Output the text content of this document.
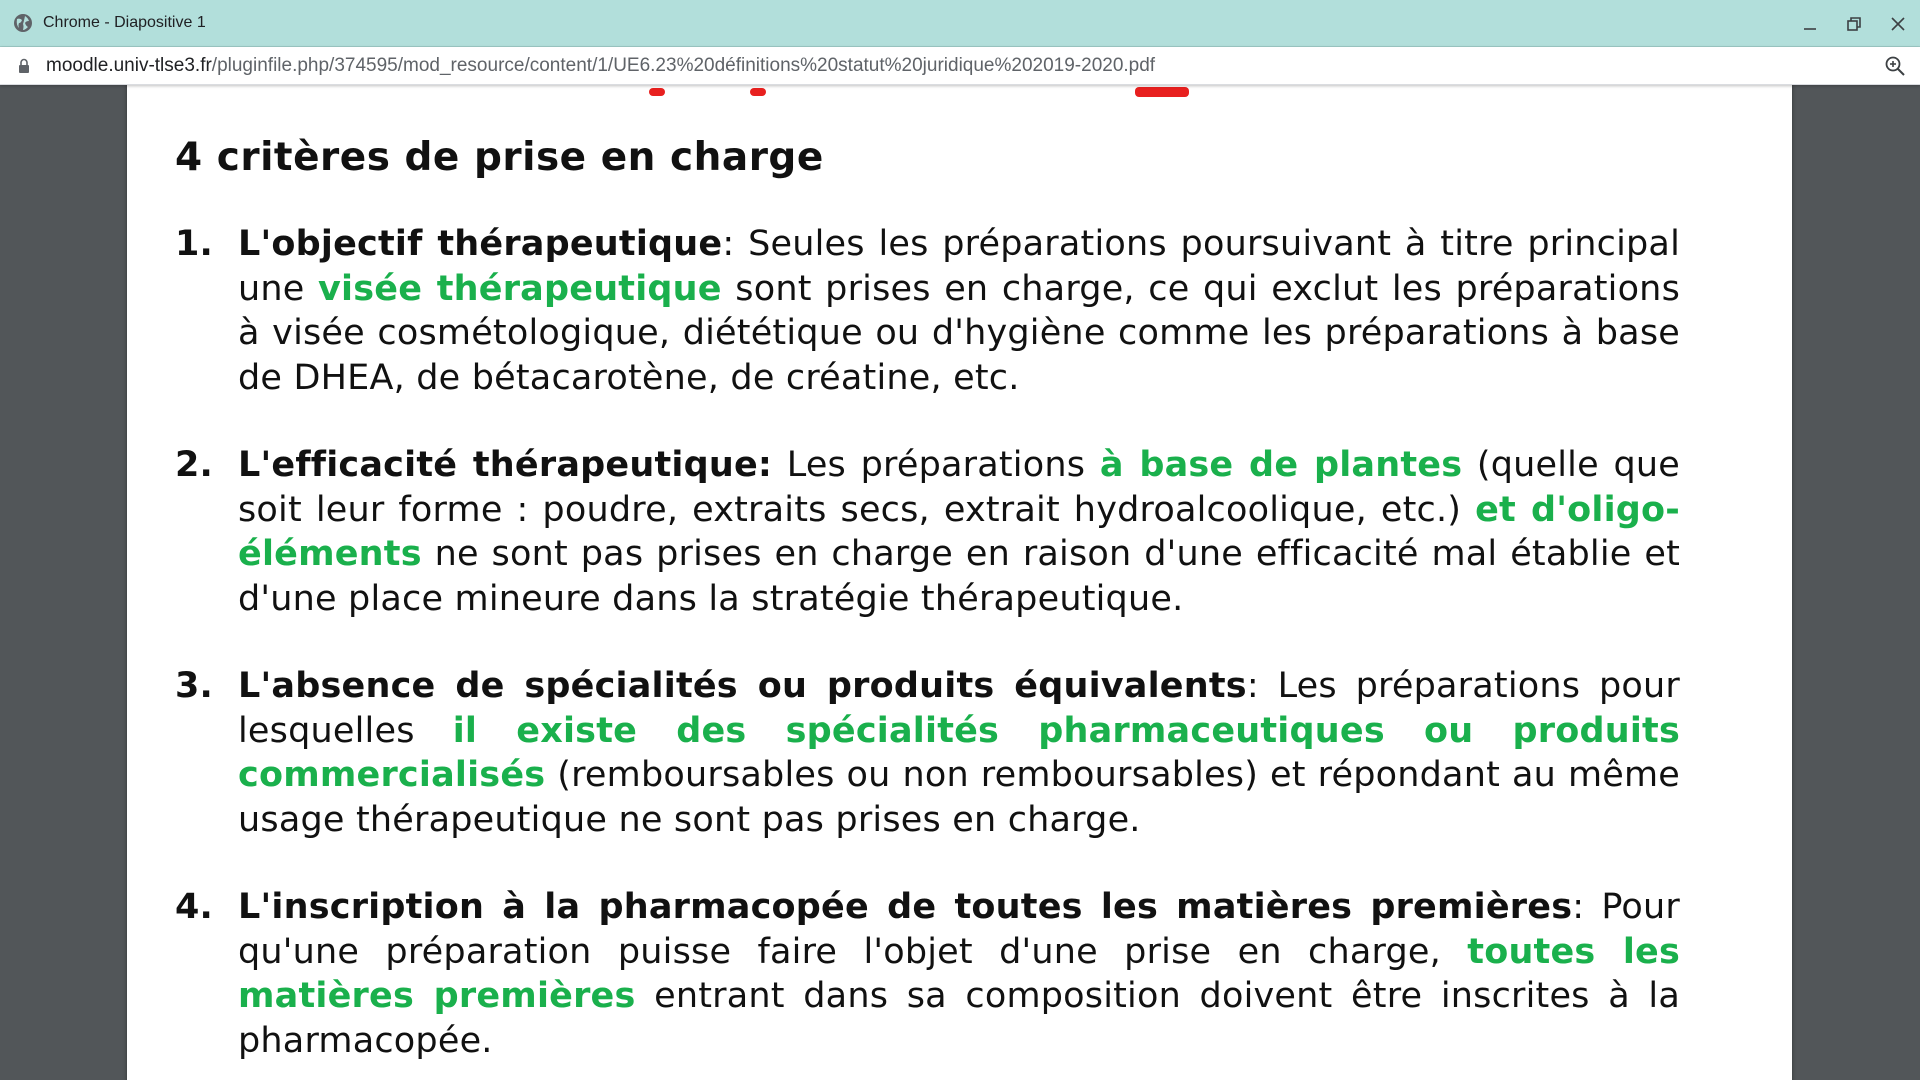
Chrome - Diapositive 1
moodle.univ-tlse3.fr/pluginfile.php/374595/mod_resource/content/1/UE6.23%20définitions%20statut%20juridique%202019-2020.pdf
4 critères de prise en charge
1. L'objectif thérapeutique: Seules les préparations poursuivant à titre principal une visée thérapeutique sont prises en charge, ce qui exclut les préparations à visée cosmétologique, diététique ou d'hygiène comme les préparations à base de DHEA, de bétacarotène, de créatine, etc.
2. L'efficacité thérapeutique: Les préparations à base de plantes (quelle que soit leur forme : poudre, extraits secs, extrait hydroalcoolique, etc.) et d'oligo-éléments ne sont pas prises en charge en raison d'une efficacité mal établie et d'une place mineure dans la stratégie thérapeutique.
3. L'absence de spécialités ou produits équivalents: Les préparations pour lesquelles il existe des spécialités pharmaceutiques ou produits commercialisés (remboursables ou non remboursables) et répondant au même usage thérapeutique ne sont pas prises en charge.
4. L'inscription à la pharmacopée de toutes les matières premières: Pour qu'une préparation puisse faire l'objet d'une prise en charge, toutes les matières premières entrant dans sa composition doivent être inscrites à la pharmacopée.
